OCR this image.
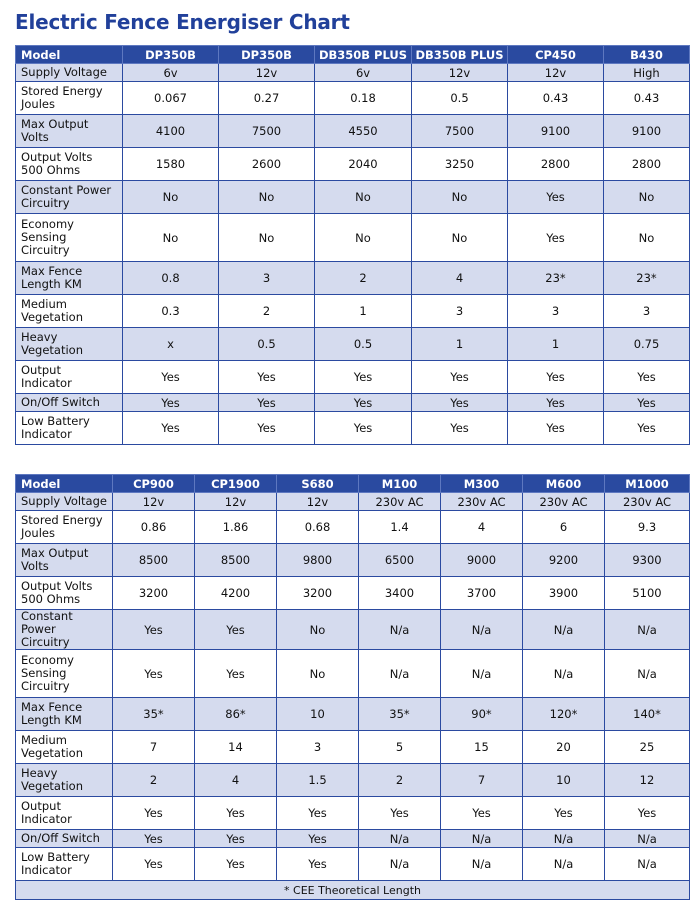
Electric Fence Energiser Chart
Model	DP350B	DP350B	DB350B PLUS	DB350B PLUS	CP450	B430
Supply Voltage	6v	12v	6v	12v	12v	High
Stored Energy
Joules	0.067	0.27	0.18	0.5	0.43	0.43
Max Output
Volts	4100	7500	4550	7500	9100	9100
Output Volts
500 Ohms	1580	2600	2040	3250	2800	2800
Constant Power
Circuitry	No	No	No	No	Yes	No
Economy
Sensing
Circuitry	No	No	No	No	Yes	No
Max Fence
Length KM	0.8	3	2	4	23*	23*
Medium
Vegetation	0.3	2	1	3	3	3
Heavy
Vegetation	x	0.5	0.5	1	1	0.75
Output
Indicator	Yes	Yes	Yes	Yes	Yes	Yes
On/Off Switch	Yes	Yes	Yes	Yes	Yes	Yes
Low Battery
Indicator	Yes	Yes	Yes	Yes	Yes	Yes
Model	CP900	CP1900	S680	M100	M300	M600	M1000
Supply Voltage	12v	12v	12v	230v AC	230v AC	230v AC	230v AC
Stored Energy
Joules	0.86	1.86	0.68	1.4	4	6	9.3
Max Output
Volts	8500	8500	9800	6500	9000	9200	9300
Output Volts
500 Ohms	3200	4200	3200	3400	3700	3900	5100
Constant Power
Circuitry	Yes	Yes	No	N/a	N/a	N/a	N/a
Economy
Sensing
Circuitry	Yes	Yes	No	N/a	N/a	N/a	N/a
Max Fence
Length KM	35*	86*	10	35*	90*	120*	140*
Medium
Vegetation	7	14	3	5	15	20	25
Heavy
Vegetation	2	4	1.5	2	7	10	12
Output
Indicator	Yes	Yes	Yes	Yes	Yes	Yes	Yes
On/Off Switch	Yes	Yes	Yes	N/a	N/a	N/a	N/a
Low Battery
Indicator	Yes	Yes	Yes	N/a	N/a	N/a	N/a
* CEE Theoretical Length							
